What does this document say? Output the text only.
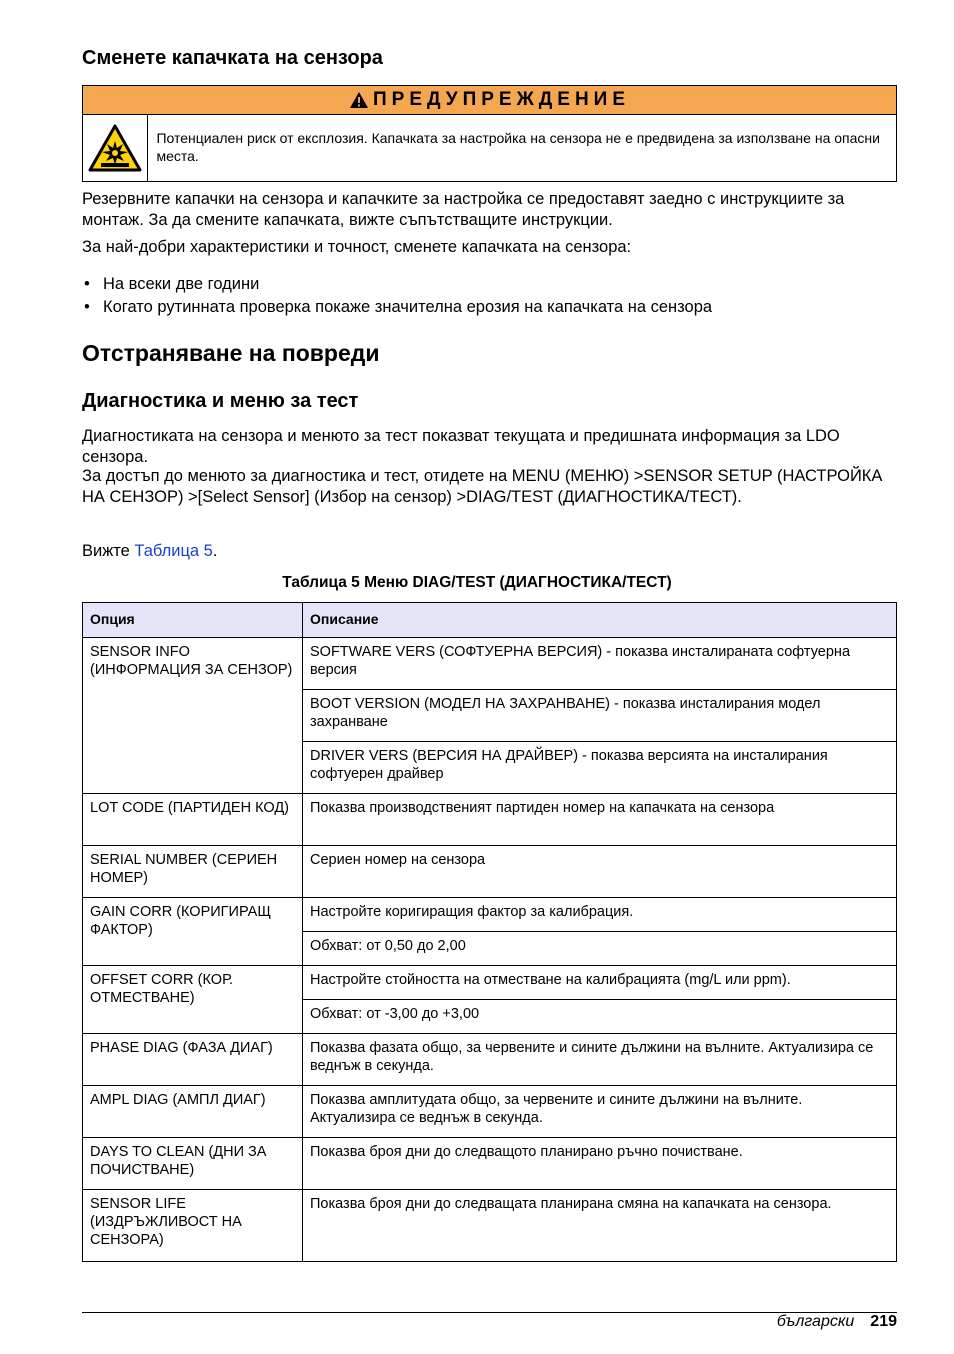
Сменете капачката на сензора
ПРЕДУПРЕЖДЕНИЕ
Потенциален риск от експлозия. Капачката за настройка на сензора не е предвидена за използване на опасни места.

Резервните капачки на сензора и капачките за настройка се предоставят заедно с инструкциите за монтаж. За да смените капачката, вижте съпътстващите инструкции.

За най-добри характеристики и точност, сменете капачката на сензора:

• На всеки две години
• Когато рутинната проверка покаже значителна ерозия на капачката на сензора
Отстраняване на повреди
Диагностика и меню за тест

Диагностиката на сензора и менюто за тест показват текущата и предишната информация за LDO сензора.

За достъп до менюто за диагностика и тест, отидете на MENU (МЕНЮ) >SENSOR SETUP (НАСТРОЙКА НА СЕНЗОР) >[Select Sensor] (Избор на сензор) >DIAG/TEST (ДИАГНОСТИКА/ТЕСТ).

Вижте Таблица 5.

Таблица 5 Меню DIAG/TEST (ДИАГНОСТИКА/ТЕСТ)
Опция	Описание
SENSOR INFO (ИНФОРМАЦИЯ ЗА СЕНЗОР)	SOFTWARE VERS (СОФТУЕРНА ВЕРСИЯ) - показва инсталираната софтуерна версия
	BOOT VERSION (МОДЕЛ НА ЗАХРАНВАНЕ) - показва инсталирания модел захранване
	DRIVER VERS (ВЕРСИЯ НА ДРАЙВЕР) - показва версията на инсталирания софтуерен драйвер
LOT CODE (ПАРТИДЕН КОД)	Показва производственият партиден номер на капачката на сензора
SERIAL NUMBER (СЕРИЕН НОМЕР)	Сериен номер на сензора
GAIN CORR (КОРИГИРАЩ ФАКТОР)	Настройте коригиращия фактор за калибрация.
	Обхват: от 0,50 до 2,00
OFFSET CORR (КОР. ОТМЕСТВАНЕ)	Настройте стойността на отместване на калибрацията (mg/L или ppm).
	Обхват: от -3,00 до +3,00
PHASE DIAG (ФАЗА ДИАГ)	Показва фазата общо, за червените и сините дължини на вълните. Актуализира се веднъж в секунда.
AMPL DIAG (АМПЛ ДИАГ)	Показва амплитудата общо, за червените и сините дължини на вълните. Актуализира се веднъж в секунда.
DAYS TO CLEAN (ДНИ ЗА ПОЧИСТВАНЕ)	Показва броя дни до следващото планирано ръчно почистване.
SENSOR LIFE (ИЗДРЪЖЛИВОСТ НА СЕНЗОРА)	Показва броя дни до следващата планирана смяна на капачката на сензора.
български 219
